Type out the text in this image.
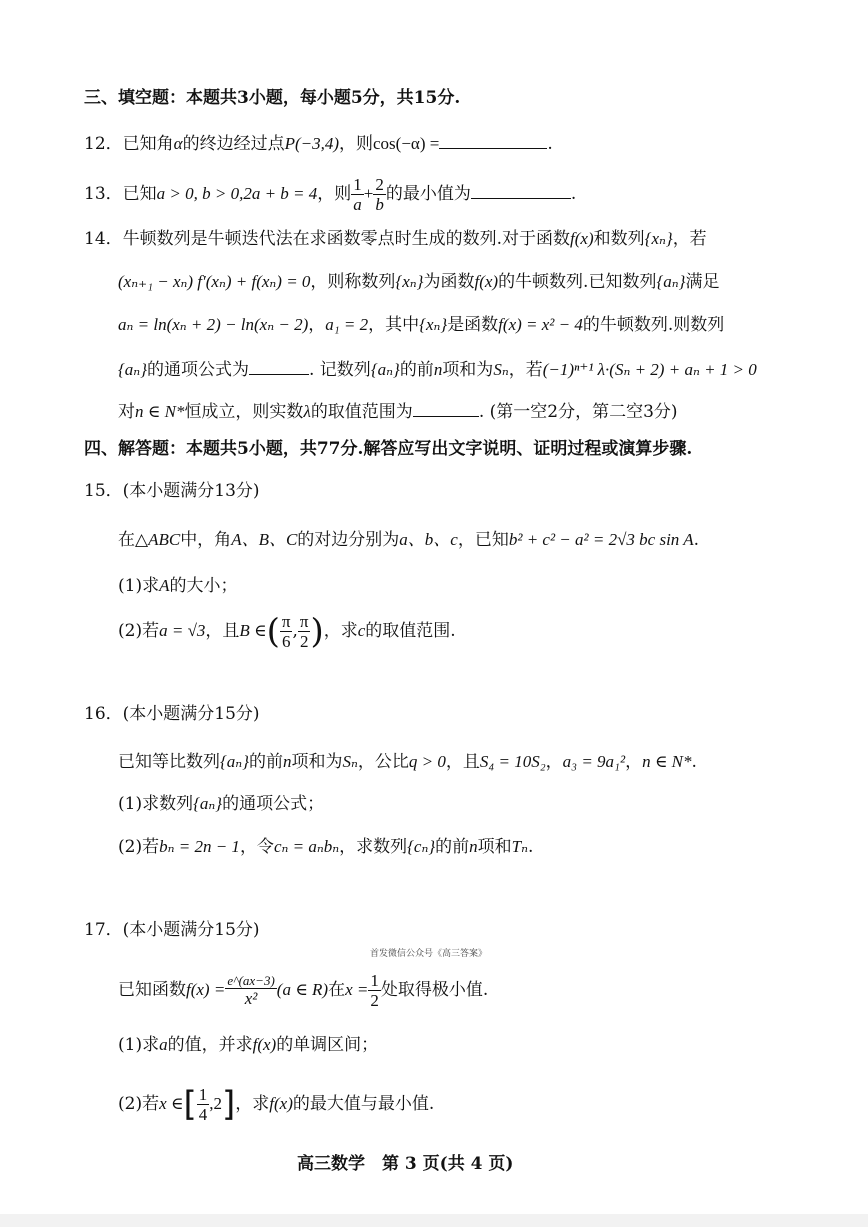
三、填空题：本题共3小题，每小题5分，共15分.
12．已知角α的终边经过点P(−3,4)，则cos(−α) =	.
13．已知a > 0, b > 0,2a + b = 4，则 $\frac{1}{a} + \frac{2}{b}$ 的最小值为	.
14．牛顿数列是牛顿迭代法在求函数零点时生成的数列.对于函数f(x)和数列{xₙ}，若
(xₙ₊₁ − xₙ) f′(xₙ) + f(xₙ) = 0，则称数列{xₙ}为函数f(x)的牛顿数列.已知数列{aₙ}满足
aₙ = ln(xₙ + 2) − ln(xₙ − 2)，a₁ = 2，其中{xₙ}是函数f(x) = x² − 4的牛顿数列.则数列
{aₙ}的通项公式为	. 记数列{aₙ}的前n项和为Sₙ，若(−1)ⁿ⁺¹ λ·(Sₙ + 2) + aₙ + 1 > 0
对n ∈ N*恒成立，则实数λ的取值范围为	. (第一空2分，第二空3分)
四、解答题：本题共5小题，共77分.解答应写出文字说明、证明过程或演算步骤.
15．(本小题满分13分)
在△ABC中，角A、B、C的对边分别为a、b、c，已知b² + c² − a² = 2√3 bc sin A.
(1)求A的大小；
(2)若a = √3，且B ∈( $\frac{\pi}{6}$ , $\frac{\pi}{2}$ )，求c的取值范围.
16．(本小题满分15分)
已知等比数列{aₙ}的前n项和为Sₙ，公比q > 0，且S₄ = 10S₂，a₃ = 9a₁²，n ∈ N*.
(1)求数列{aₙ}的通项公式；
(2)若bₙ = 2n − 1，令cₙ = aₙbₙ，求数列{cₙ}的前n项和Tₙ.
17．(本小题满分15分)
首发微信公众号《高三答案》
已知函数$f(x) = \frac{e\^{}(ax-3)}{\text{x²}} (a$ ∈ R)在$x = \frac{1}{2}$ 处取得极小值.
(1)求a的值，并求f(x)的单调区间；
(2)若x ∈[ $\frac{1}{4} ,2$]，求f(x)的最大值与最小值.
高三数学　第 3 页(共 4 页)
